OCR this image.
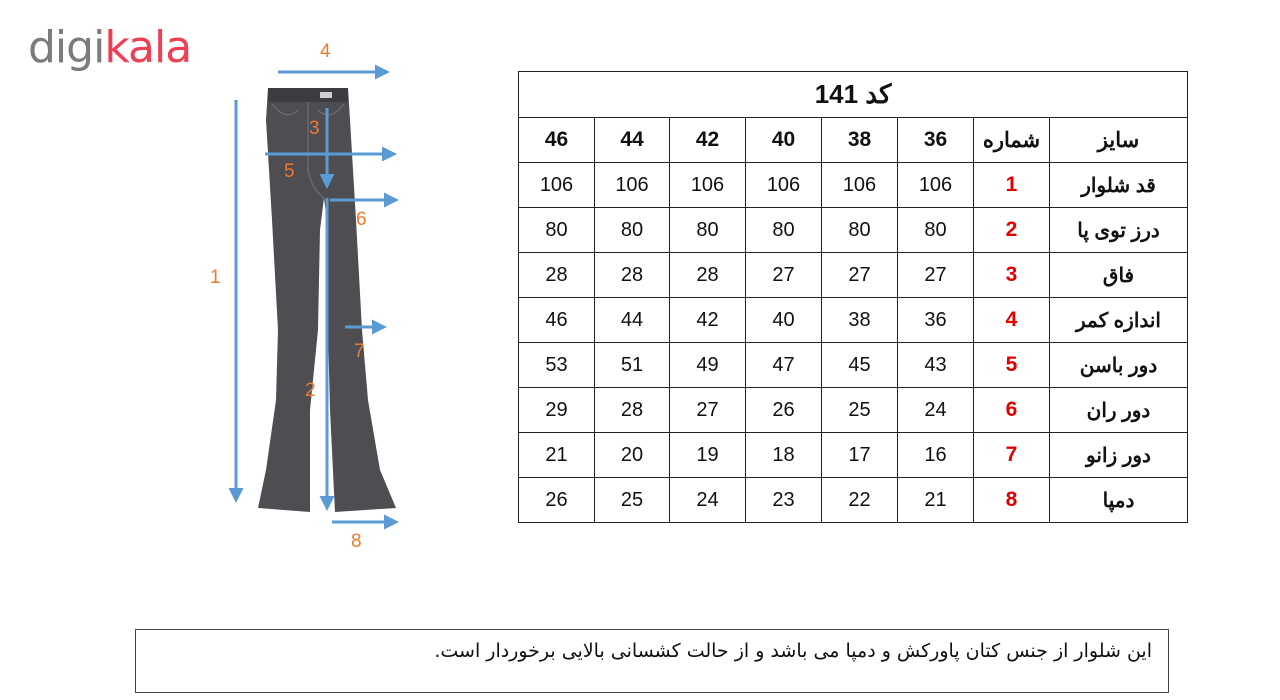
digikala
1
2
3
4
5
6
7
8
کد 141							
46	44	42	40	38	36	شماره	سایز
106	106	106	106	106	106	1	قد شلوار
80	80	80	80	80	80	2	درز توی پا
28	28	28	27	27	27	3	فاق
46	44	42	40	38	36	4	اندازه کمر
53	51	49	47	45	43	5	دور باسن
29	28	27	26	25	24	6	دور ران
21	20	19	18	17	16	7	دور زانو
26	25	24	23	22	21	8	دمپا
این شلوار از جنس کتان پاورکش و دمپا می باشد و از حالت کشسانی بالایی برخوردار است.
